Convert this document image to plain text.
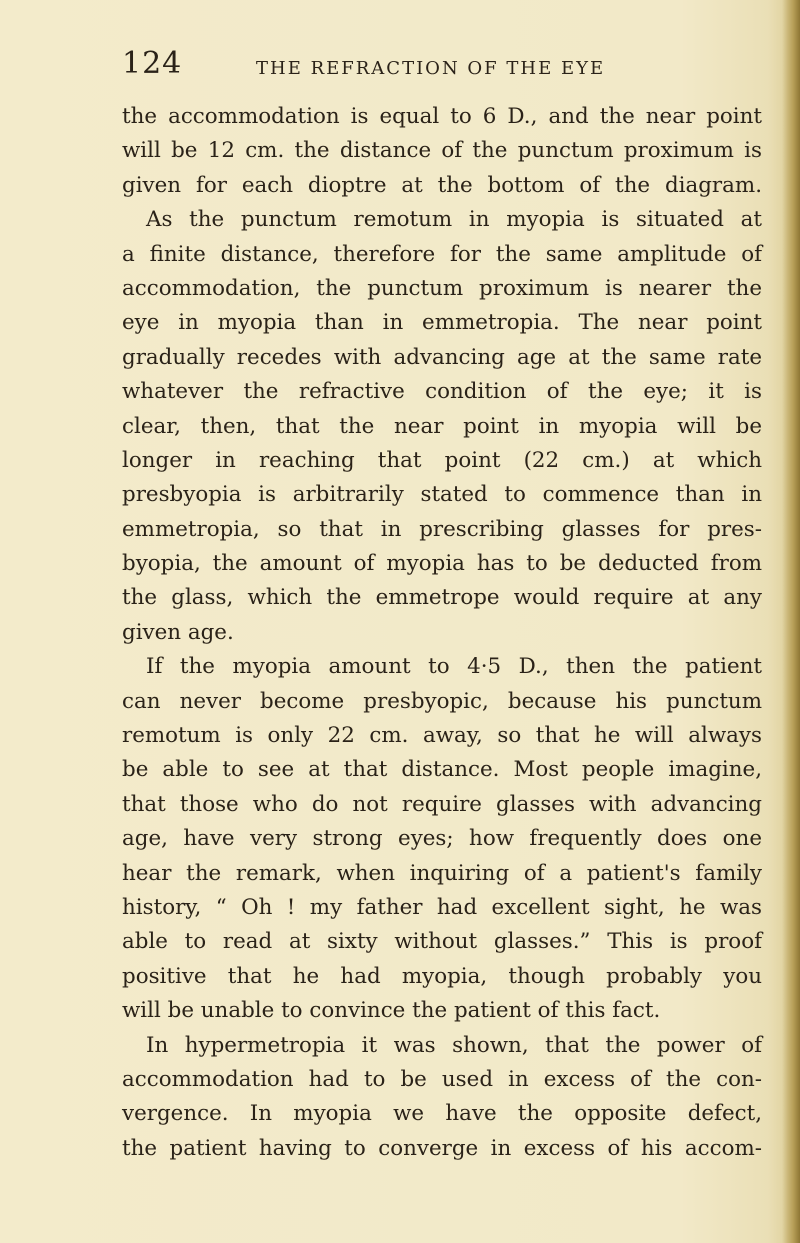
124	THE REFRACTION OF THE EYE
the accommodation is equal to 6 D., and the near point
will be 12 cm. the distance of the punctum proximum is
given for each dioptre at the bottom of the diagram.
As the punctum remotum in myopia is situated at
a finite distance, therefore for the same amplitude of
accommodation, the punctum proximum is nearer the
eye in myopia than in emmetropia. The near point
gradually recedes with advancing age at the same rate
whatever the refractive condition of the eye; it is
clear, then, that the near point in myopia will be
longer in reaching that point (22 cm.) at which
presbyopia is arbitrarily stated to commence than in
emmetropia, so that in prescribing glasses for pres-
byopia, the amount of myopia has to be deducted from
the glass, which the emmetrope would require at any
given age.
If the myopia amount to 4·5 D., then the patient
can never become presbyopic, because his punctum
remotum is only 22 cm. away, so that he will always
be able to see at that distance. Most people imagine,
that those who do not require glasses with advancing
age, have very strong eyes; how frequently does one
hear the remark, when inquiring of a patient's family
history, “ Oh ! my father had excellent sight, he was
able to read at sixty without glasses.” This is proof
positive that he had myopia, though probably you
will be unable to convince the patient of this fact.
In hypermetropia it was shown, that the power of
accommodation had to be used in excess of the con-
vergence. In myopia we have the opposite defect,
the patient having to converge in excess of his accom-
